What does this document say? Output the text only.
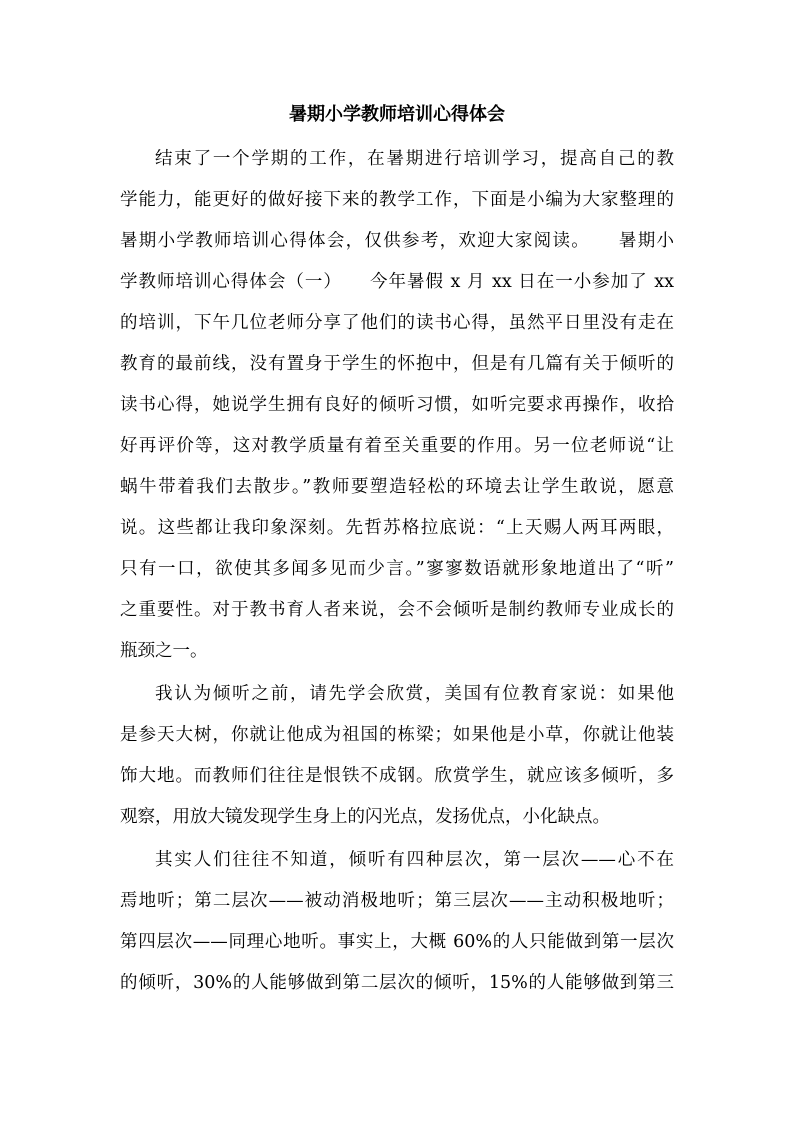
暑期小学教师培训心得体会
结束了一个学期的工作，在暑期进行培训学习，提高自己的教
学能力，能更好的做好接下来的教学工作，下面是小编为大家整理的
暑期小学教师培训心得体会，仅供参考，欢迎大家阅读。　　暑期小
学教师培训心得体会（一）　　今年暑假 x 月 xx 日在一小参加了 xx
的培训，下午几位老师分享了他们的读书心得，虽然平日里没有走在
教育的最前线，没有置身于学生的怀抱中，但是有几篇有关于倾听的
读书心得，她说学生拥有良好的倾听习惯，如听完要求再操作，收拾
好再评价等，这对教学质量有着至关重要的作用。另一位老师说“让
蜗牛带着我们去散步。”教师要塑造轻松的环境去让学生敢说，愿意
说。这些都让我印象深刻。先哲苏格拉底说：“上天赐人两耳两眼，
只有一口，欲使其多闻多见而少言。”寥寥数语就形象地道出了“听”
之重要性。对于教书育人者来说，会不会倾听是制约教师专业成长的
瓶颈之一。
我认为倾听之前，请先学会欣赏，美国有位教育家说：如果他
是参天大树，你就让他成为祖国的栋梁；如果他是小草，你就让他装
饰大地。而教师们往往是恨铁不成钢。欣赏学生，就应该多倾听，多
观察，用放大镜发现学生身上的闪光点，发扬优点，小化缺点。
其实人们往往不知道，倾听有四种层次，第一层次——心不在
焉地听；第二层次——被动消极地听；第三层次——主动积极地听；
第四层次——同理心地听。事实上，大概 60%的人只能做到第一层次
的倾听，30%的人能够做到第二层次的倾听，15%的人能够做到第三
